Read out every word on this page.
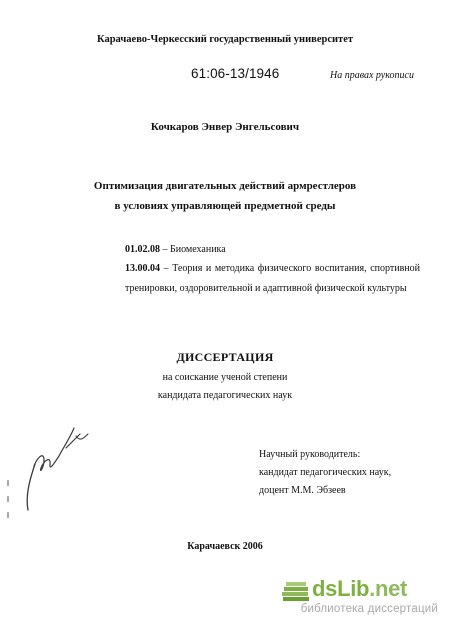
Карачаево-Черкесский государственный университет
61:06-13/1946	На правах рукописи
Кочкаров Энвер Энгельсович
Оптимизация двигательных действий армрестлеров
в условиях управляющей предметной среды
01.02.08 – Биомеханика
13.00.04 – Теория и методика физического воспитания, спортивной тренировки, оздоровительной и адаптивной физической культуры
ДИССЕРТАЦИЯ
на соискание ученой степени
кандидата педагогических наук
Научный руководитель:
кандидат педагогических наук,
доцент М.М. Эбзеев
Карачаевск 2006
dsLib.net
библиотека диссертаций
